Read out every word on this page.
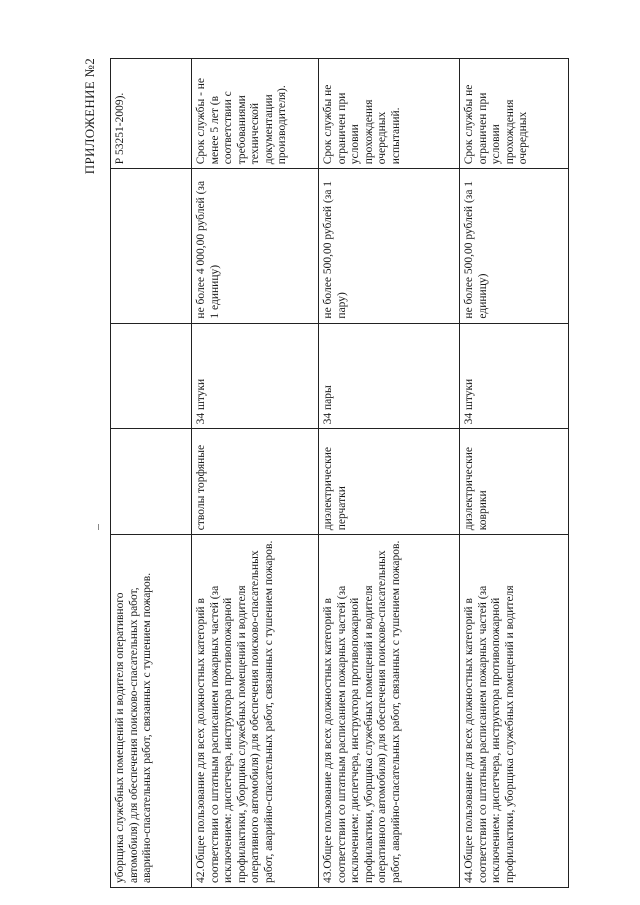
ПРИЛОЖЕНИЕ №2
уборщика служебных помещений и водителя оперативного автомобиля) для обеспечения поисково-спасательных работ, аварийно-спасательных работ, связанных с тушением пожаров.				Р 53251-2009).
42.Общее пользование для всех должностных категорий в соответствии со штатным расписанием пожарных частей (за исключением: диспетчера, инструктора противопожарной профилактики, уборщика служебных помещений и водителя оперативного автомобиля) для обеспечения поисково-спасательных работ, аварийно-спасательных работ, связанных с тушением пожаров.	стволы торфяные	34 штуки	не более 4 000,00 рублей (за 1 единицу)	Срок службы - не менее 5 лет (в соответствии с требованиями технической документации производителя).
43.Общее пользование для всех должностных категорий в соответствии со штатным расписанием пожарных частей (за исключением: диспетчера, инструктора противопожарной профилактики, уборщика служебных помещений и водителя оперативного автомобиля) для обеспечения поисково-спасательных работ, аварийно-спасательных работ, связанных с тушением пожаров.	диэлектрические перчатки	34 пары	не более 500,00 рублей (за 1 пару)	Срок службы не ограничен при условии прохождения очередных испытаний.
44.Общее пользование для всех должностных категорий в соответствии со штатным расписанием пожарных частей (за исключением: диспетчера, инструктора противопожарной профилактики, уборщика служебных помещений и водителя	диэлектрические коврики	34 штуки	не более 500,00 рублей (за 1 единицу)	Срок службы не ограничен при условии прохождения очередных
